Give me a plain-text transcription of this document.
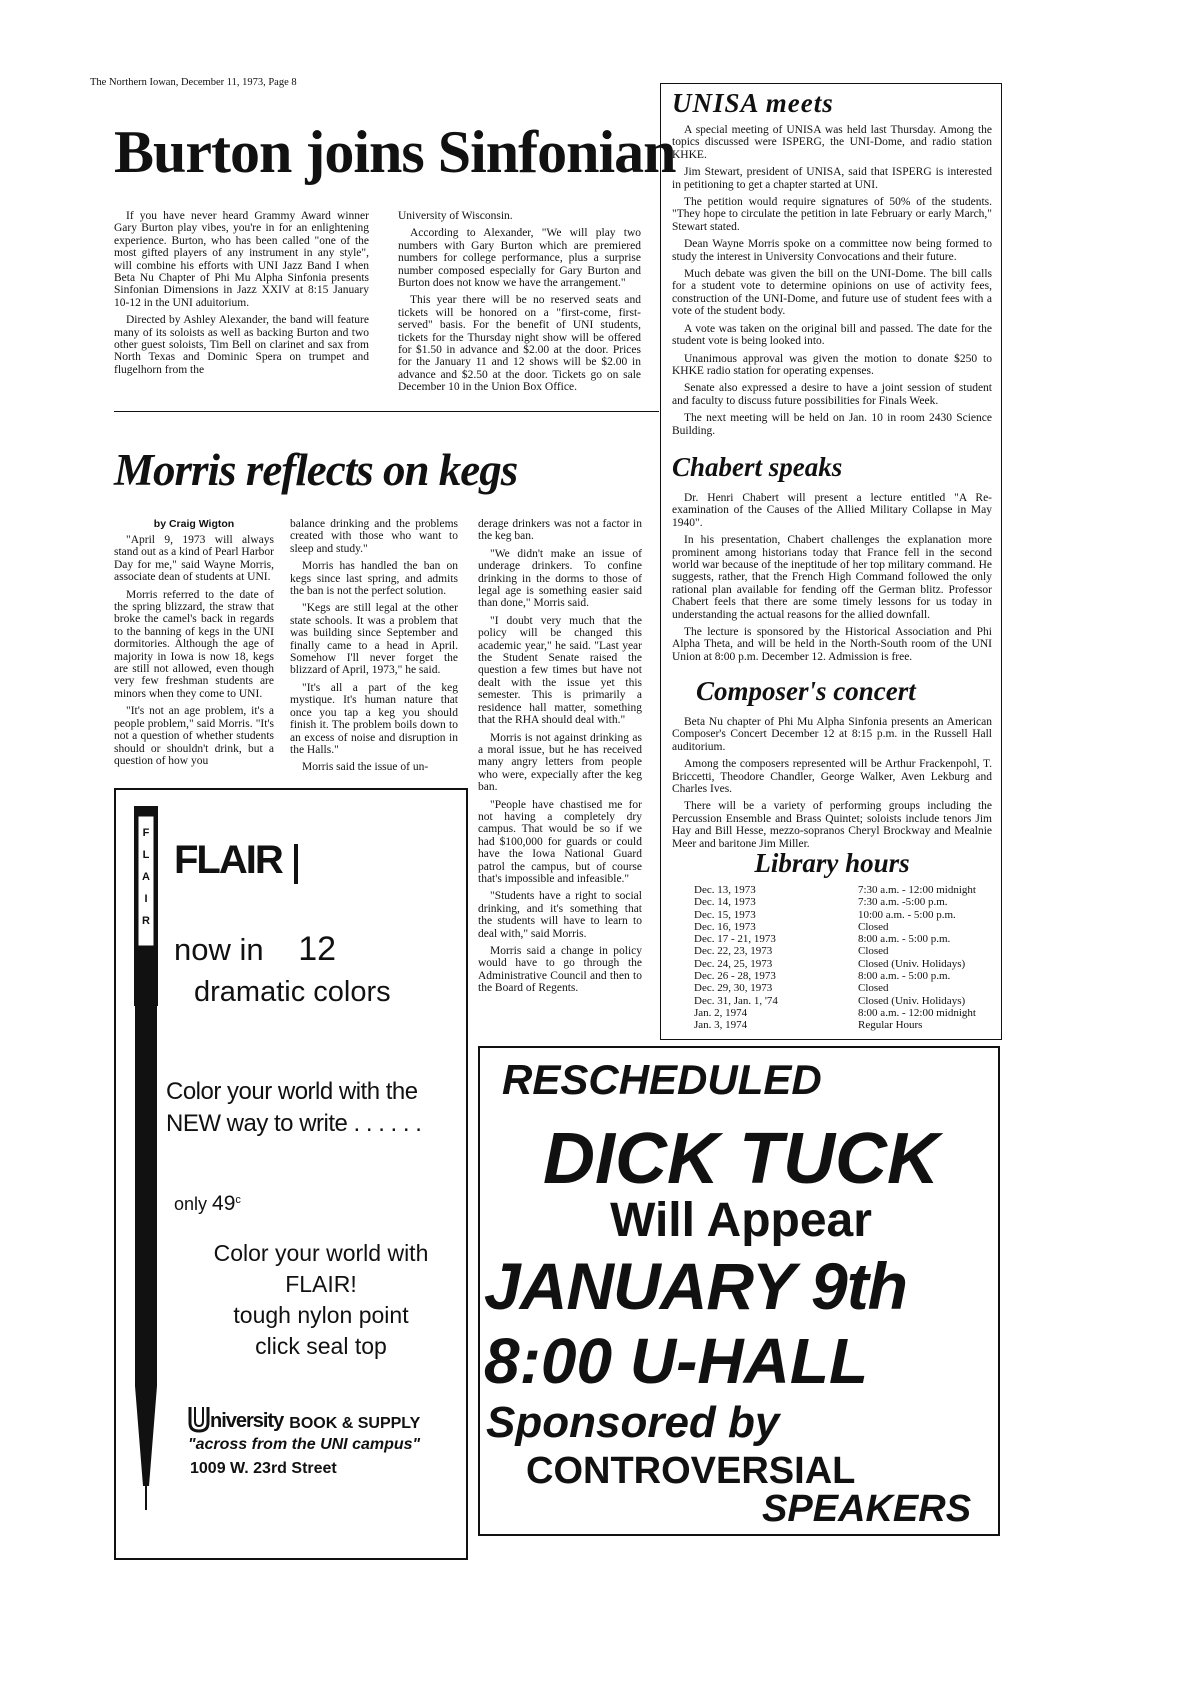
The Northern Iowan, December 11, 1973, Page 8
Burton joins Sinfonian

If you have never heard Grammy Award winner Gary Burton play vibes, you're in for an enlightening experience. Burton, who has been called "one of the most gifted players of any instrument in any style", will combine his efforts with UNI Jazz Band I when Beta Nu Chapter of Phi Mu Alpha Sinfonia presents Sinfonian Dimensions in Jazz XXIV at 8:15 January 10-12 in the UNI aduitorium.

Directed by Ashley Alexander, the band will feature many of its soloists as well as backing Burton and two other guest soloists, Tim Bell on clarinet and sax from North Texas and Dominic Spera on trumpet and flugelhorn from the

University of Wisconsin.

According to Alexander, "We will play two numbers with Gary Burton which are premiered numbers for college performance, plus a surprise number composed especially for Gary Burton and Burton does not know we have the arrangement."

This year there will be no reserved seats and tickets will be honored on a "first-come, first-served" basis. For the benefit of UNI students, tickets for the Thursday night show will be offered for $1.50 in advance and $2.00 at the door. Prices for the January 11 and 12 shows will be $2.00 in advance and $2.50 at the door. Tickets go on sale December 10 in the Union Box Office.

Morris reflects on kegs
by Craig Wigton

"April 9, 1973 will always stand out as a kind of Pearl Harbor Day for me," said Wayne Morris, associate dean of students at UNI.

Morris referred to the date of the spring blizzard, the straw that broke the camel's back in regards to the banning of kegs in the UNI dormitories. Although the age of majority in Iowa is now 18, kegs are still not allowed, even though very few freshman students are minors when they come to UNI.

"It's not an age problem, it's a people problem," said Morris. "It's not a question of whether students should or shouldn't drink, but a question of how you

balance drinking and the problems created with those who want to sleep and study."

Morris has handled the ban on kegs since last spring, and admits the ban is not the perfect solution.

"Kegs are still legal at the other state schools. It was a problem that was building since September and finally came to a head in April. Somehow I'll never forget the blizzard of April, 1973," he said.

"It's all a part of the keg mystique. It's human nature that once you tap a keg you should finish it. The problem boils down to an excess of noise and disruption in the Halls."

Morris said the issue of un-

derage drinkers was not a factor in the keg ban.

"We didn't make an issue of underage drinkers. To confine drinking in the dorms to those of legal age is something easier said than done," Morris said.

"I doubt very much that the policy will be changed this academic year," he said. "Last year the Student Senate raised the question a few times but have not dealt with the issue yet this semester. This is primarily a residence hall matter, something that the RHA should deal with."

Morris is not against drinking as a moral issue, but he has received many angry letters from people who were, expecially after the keg ban.

"People have chastised me for not having a completely dry campus. That would be so if we had $100,000 for guards or could have the Iowa National Guard patrol the campus, but of course that's impossible and infeasible."

"Students have a right to social drinking, and it's something that the students will have to learn to deal with," said Morris.

Morris said a change in policy would have to go through the Administrative Council and then to the Board of Regents.

UNISA meets

A special meeting of UNISA was held last Thursday. Among the topics discussed were ISPERG, the UNI-Dome, and radio station KHKE.

Jim Stewart, president of UNISA, said that ISPERG is interested in petitioning to get a chapter started at UNI.

The petition would require signatures of 50% of the students. "They hope to circulate the petition in late February or early March," Stewart stated.

Dean Wayne Morris spoke on a committee now being formed to study the interest in University Convocations and their future.

Much debate was given the bill on the UNI-Dome. The bill calls for a student vote to determine opinions on use of activity fees, construction of the UNI-Dome, and future use of student fees with a vote of the student body.

A vote was taken on the original bill and passed. The date for the student vote is being looked into.

Unanimous approval was given the motion to donate $250 to KHKE radio station for operating expenses.

Senate also expressed a desire to have a joint session of student and faculty to discuss future possibilities for Finals Week.

The next meeting will be held on Jan. 10 in room 2430 Science Building.

Chabert speaks

Dr. Henri Chabert will present a lecture entitled "A Re-examination of the Causes of the Allied Military Collapse in May 1940".

In his presentation, Chabert challenges the explanation more prominent among historians today that France fell in the second world war because of the ineptitude of her top military command. He suggests, rather, that the French High Command followed the only rational plan available for fending off the German blitz. Professor Chabert feels that there are some timely lessons for us today in understanding the actual reasons for the allied downfall.

The lecture is sponsored by the Historical Association and Phi Alpha Theta, and will be held in the North-South room of the UNI Union at 8:00 p.m. December 12. Admission is free.

Composer's concert

Beta Nu chapter of Phi Mu Alpha Sinfonia presents an American Composer's Concert December 12 at 8:15 p.m. in the Russell Hall auditorium.

Among the composers represented will be Arthur Frackenpohl, T. Briccetti, Theodore Chandler, George Walker, Aven Lekburg and Charles Ives.

There will be a variety of performing groups including the Percussion Ensemble and Brass Quintet; soloists include tenors Jim Hay and Bill Hesse, mezzo-sopranos Cheryl Brockway and Mealnie Meer and baritone Jim Miller.

Library hours
Dec. 13, 1973	7:30 a.m. - 12:00 midnight
Dec. 14, 1973	7:30 a.m. -5:00 p.m.
Dec. 15, 1973	10:00 a.m. - 5:00 p.m.
Dec. 16, 1973	Closed
Dec. 17 - 21, 1973	8:00 a.m. - 5:00 p.m.
Dec. 22, 23, 1973	Closed
Dec. 24, 25, 1973	Closed (Univ. Holidays)
Dec. 26 - 28, 1973	8:00 a.m. - 5:00 p.m.
Dec. 29, 30, 1973	Closed
Dec. 31, Jan. 1, '74	Closed (Univ. Holidays)
Jan. 2, 1974	8:00 a.m. - 12:00 midnight
Jan. 3, 1974	Regular Hours
F
L
A
I
R
FLAIR
now in 12
dramatic colors
Color your world with the
NEW way to write . . . . . .
only 49$^c$
Color your world with
FLAIR!
tough nylon point
click seal top
niversity BOOK & SUPPLY
"across from the UNI campus"
1009 W. 23rd Street
RESCHEDULED
DICK TUCK
Will Appear
JANUARY 9th
8:00 U-HALL
Sponsored by
CONTROVERSIAL
SPEAKERS
